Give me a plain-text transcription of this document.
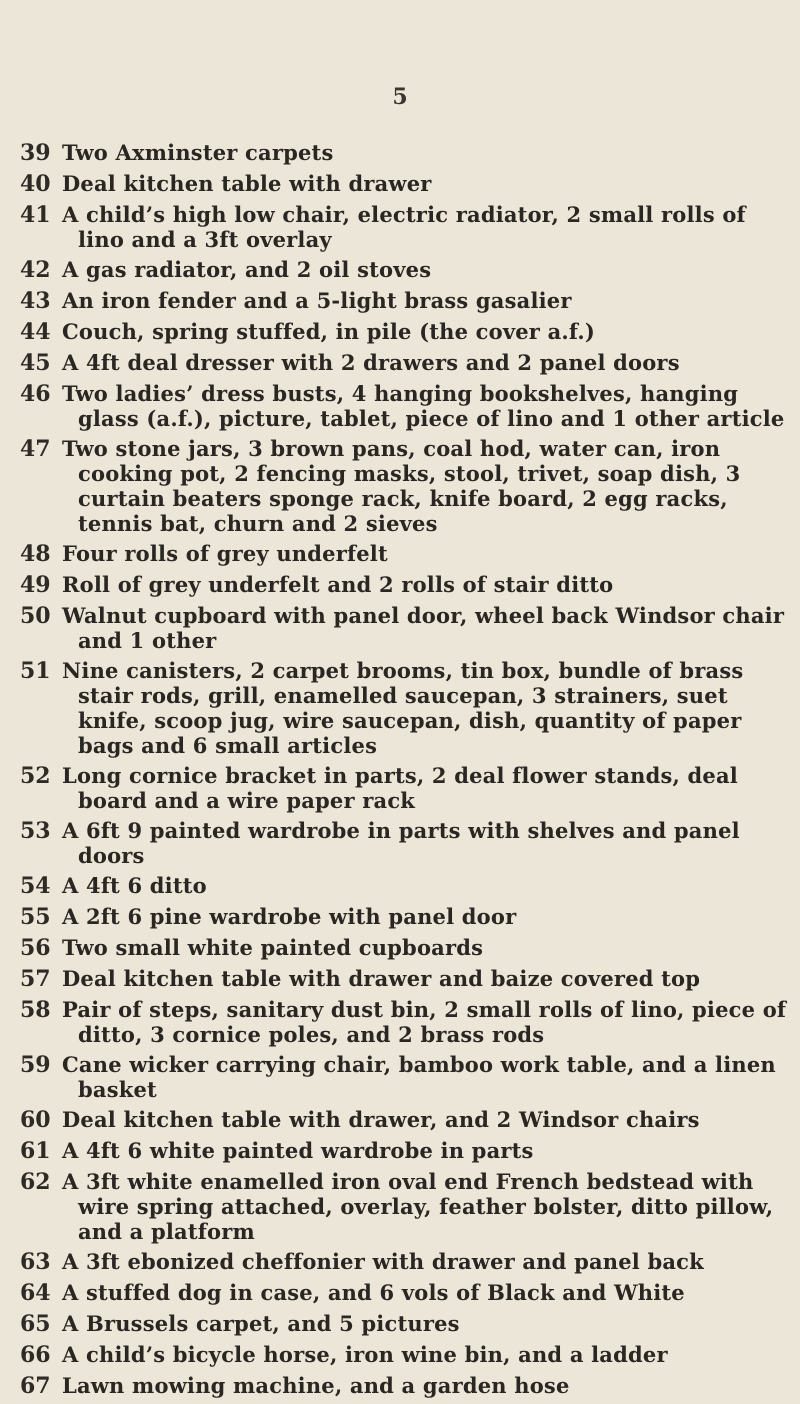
5
39 Two Axminster carpets
40 Deal kitchen table with drawer
41 A child’s high low chair, electric radiator, 2 small rolls of lino and a 3ft overlay
42 A gas radiator, and 2 oil stoves
43 An iron fender and a 5-light brass gasalier
44 Couch, spring stuffed, in pile (the cover a.f.)
45 A 4ft deal dresser with 2 drawers and 2 panel doors
46 Two ladies’ dress busts, 4 hanging bookshelves, hanging glass (a.f.), picture, tablet, piece of lino and 1 other article
47 Two stone jars, 3 brown pans, coal hod, water can, iron cooking pot, 2 fencing masks, stool, trivet, soap dish, 3 curtain beaters sponge rack, knife board, 2 egg racks, tennis bat, churn and 2 sieves
48 Four rolls of grey underfelt
49 Roll of grey underfelt and 2 rolls of stair ditto
50 Walnut cupboard with panel door, wheel back Windsor chair and 1 other
51 Nine canisters, 2 carpet brooms, tin box, bundle of brass stair rods, grill, enamelled saucepan, 3 strainers, suet knife, scoop jug, wire saucepan, dish, quantity of paper bags and 6 small articles
52 Long cornice bracket in parts, 2 deal flower stands, deal board and a wire paper rack
53 A 6ft 9 painted wardrobe in parts with shelves and panel doors
54 A 4ft 6 ditto
55 A 2ft 6 pine wardrobe with panel door
56 Two small white painted cupboards
57 Deal kitchen table with drawer and baize covered top
58 Pair of steps, sanitary dust bin, 2 small rolls of lino, piece of ditto, 3 cornice poles, and 2 brass rods
59 Cane wicker carrying chair, bamboo work table, and a linen basket
60 Deal kitchen table with drawer, and 2 Windsor chairs
61 A 4ft 6 white painted wardrobe in parts
62 A 3ft white enamelled iron oval end French bedstead with wire spring attached, overlay, feather bolster, ditto pillow, and a platform
63 A 3ft ebonized cheffonier with drawer and panel back
64 A stuffed dog in case, and 6 vols of Black and White
65 A Brussels carpet, and 5 pictures
66 A child’s bicycle horse, iron wine bin, and a ladder
67 Lawn mowing machine, and a garden hose
